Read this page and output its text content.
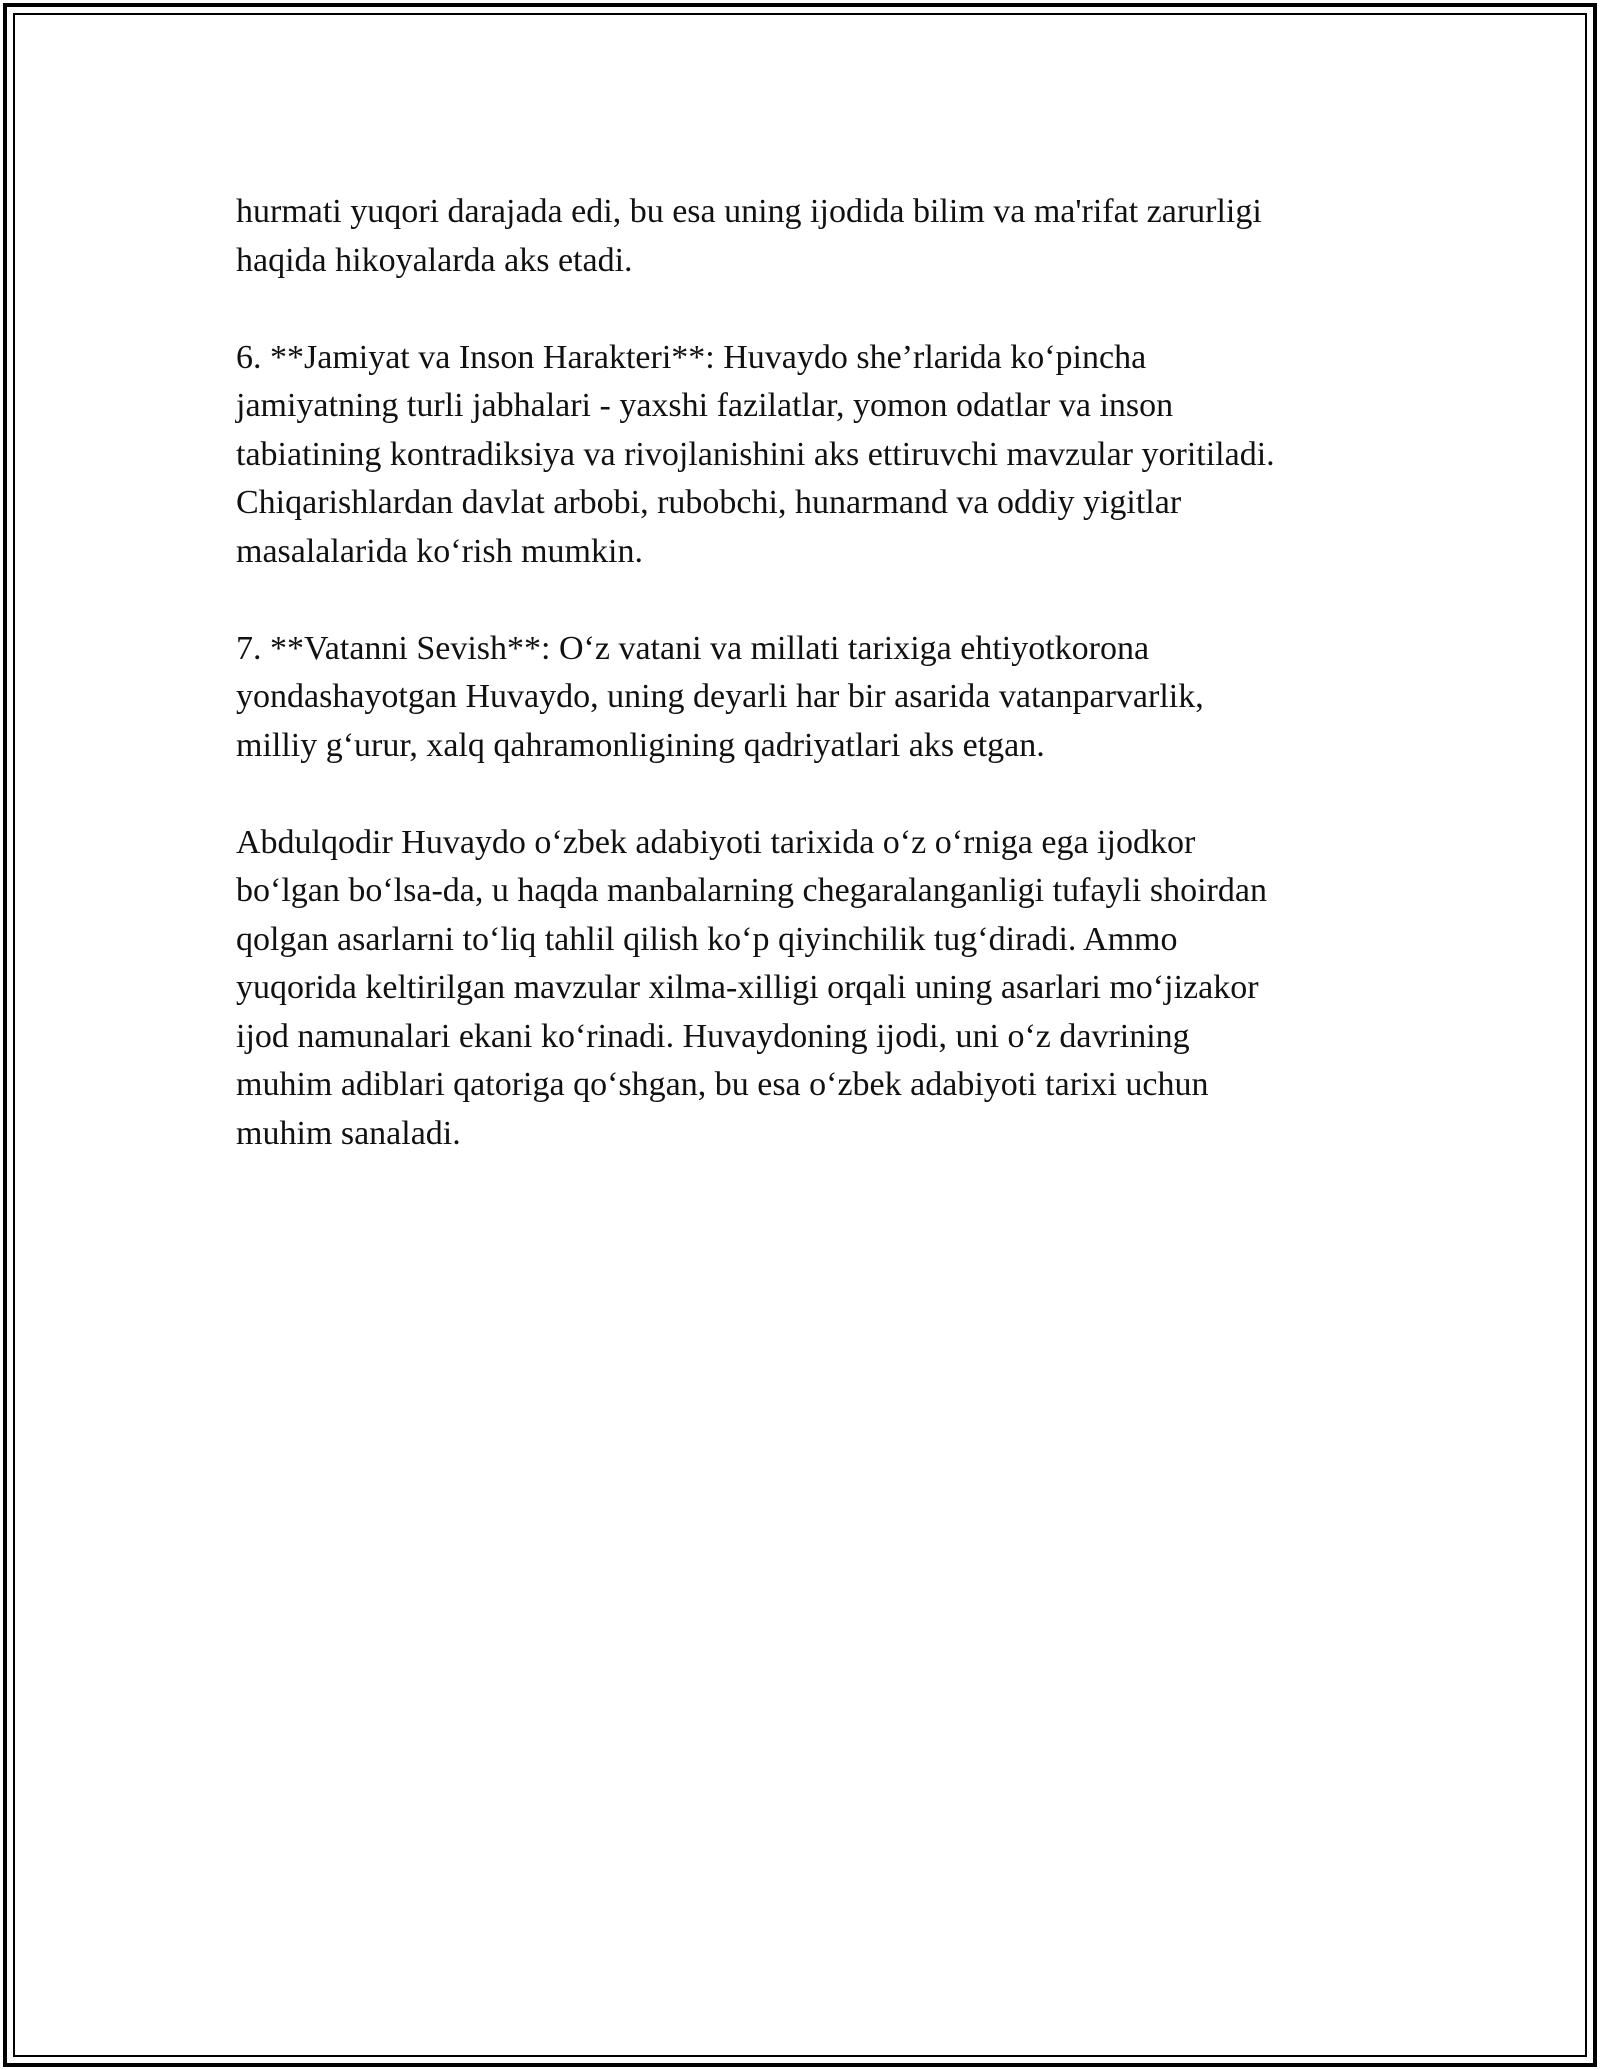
hurmati yuqori darajada edi, bu esa uning ijodida bilim va ma'rifat zarurligi
haqida hikoyalarda aks etadi.

6. **Jamiyat va Inson Harakteri**: Huvaydo she’rlarida ko‘pincha
jamiyatning turli jabhalari - yaxshi fazilatlar, yomon odatlar va inson
tabiatining kontradiksiya va rivojlanishini aks ettiruvchi mavzular yoritiladi.
Chiqarishlardan davlat arbobi, rubobchi, hunarmand va oddiy yigitlar
masalalarida ko‘rish mumkin.

7. **Vatanni Sevish**: O‘z vatani va millati tarixiga ehtiyotkorona
yondashayotgan Huvaydo, uning deyarli har bir asarida vatanparvarlik,
milliy g‘urur, xalq qahramonligining qadriyatlari aks etgan.

Abdulqodir Huvaydo o‘zbek adabiyoti tarixida o‘z o‘rniga ega ijodkor
bo‘lgan bo‘lsa-da, u haqda manbalarning chegaralanganligi tufayli shoirdan
qolgan asarlarni to‘liq tahlil qilish ko‘p qiyinchilik tug‘diradi. Ammo
yuqorida keltirilgan mavzular xilma-xilligi orqali uning asarlari mo‘jizakor
ijod namunalari ekani ko‘rinadi. Huvaydoning ijodi, uni o‘z davrining
muhim adiblari qatoriga qo‘shgan, bu esa o‘zbek adabiyoti tarixi uchun
muhim sanaladi.
